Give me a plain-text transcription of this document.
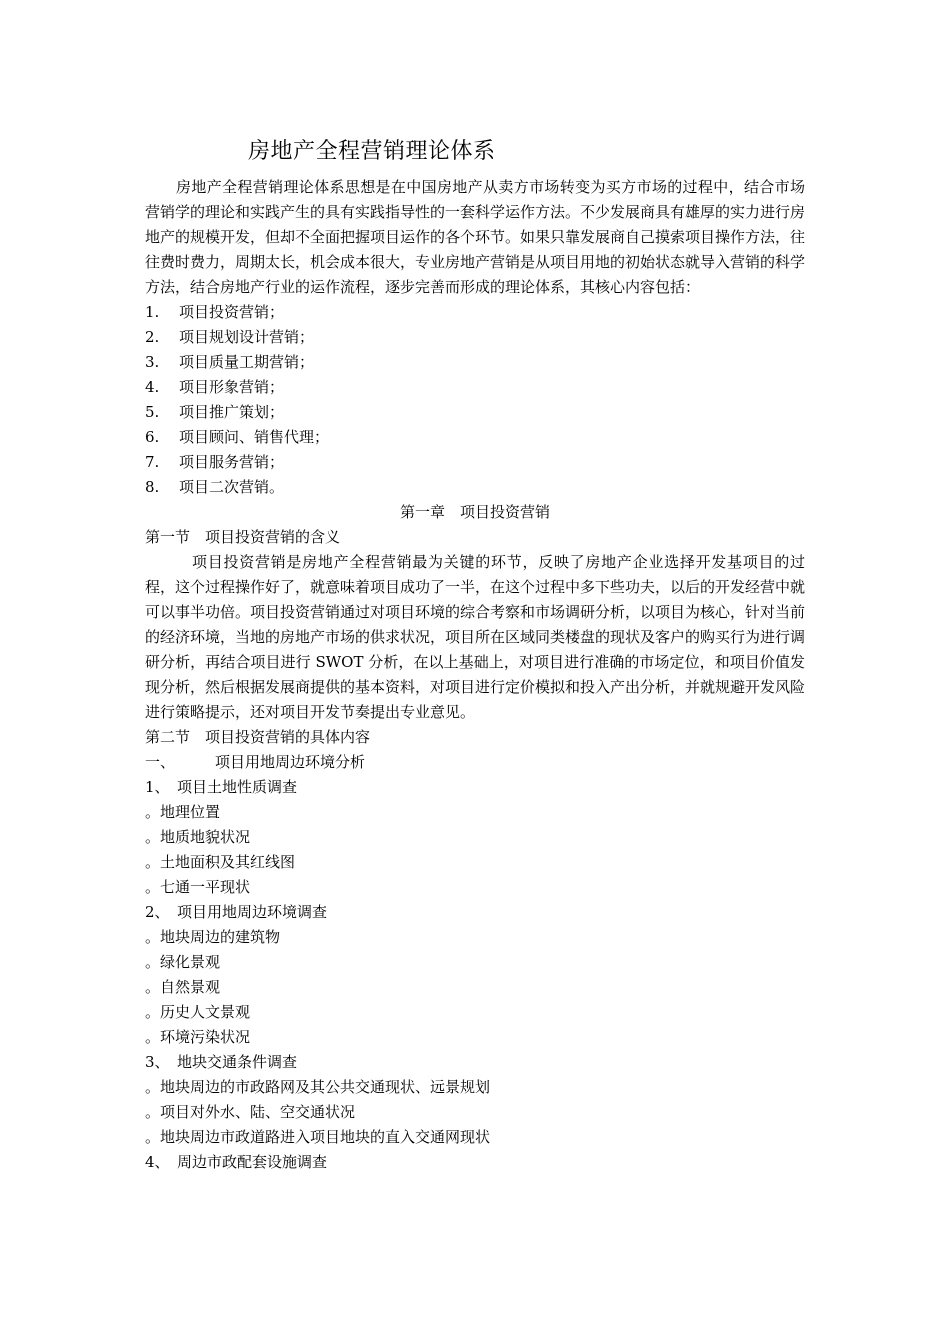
房地产全程营销理论体系

房地产全程营销理论体系思想是在中国房地产从卖方市场转变为买方市场的过程中，结合市场营销学的理论和实践产生的具有实践指导性的一套科学运作方法。不少发展商具有雄厚的实力进行房地产的规模开发，但却不全面把握项目运作的各个环节。如果只靠发展商自己摸索项目操作方法，往往费时费力，周期太长，机会成本很大，专业房地产营销是从项目用地的初始状态就导入营销的科学方法，结合房地产行业的运作流程，逐步完善而形成的理论体系，其核心内容包括：

1. 项目投资营销；

2. 项目规划设计营销；

3. 项目质量工期营销；

4. 项目形象营销；

5. 项目推广策划；

6. 项目顾问、销售代理；

7. 项目服务营销；

8. 项目二次营销。

第一章　项目投资营销

第一节　项目投资营销的含义

项目投资营销是房地产全程营销最为关键的环节，反映了房地产企业选择开发基项目的过程，这个过程操作好了，就意味着项目成功了一半，在这个过程中多下些功夫，以后的开发经营中就可以事半功倍。项目投资营销通过对项目环境的综合考察和市场调研分析，以项目为核心，针对当前的经济环境，当地的房地产市场的供求状况，项目所在区域同类楼盘的现状及客户的购买行为进行调研分析，再结合项目进行 SWOT 分析，在以上基础上，对项目进行准确的市场定位，和项目价值发现分析，然后根据发展商提供的基本资料，对项目进行定价模拟和投入产出分析，并就规避开发风险进行策略提示，还对项目开发节奏提出专业意见。

第二节　项目投资营销的具体内容

一、	项目用地周边环境分析

1、 项目土地性质调查

。地理位置

。地质地貌状况

。土地面积及其红线图

。七通一平现状

2、 项目用地周边环境调查

。地块周边的建筑物

。绿化景观

。自然景观

。历史人文景观

。环境污染状况

3、 地块交通条件调查

。地块周边的市政路网及其公共交通现状、远景规划

。项目对外水、陆、空交通状况

。地块周边市政道路进入项目地块的直入交通网现状

4、 周边市政配套设施调查
